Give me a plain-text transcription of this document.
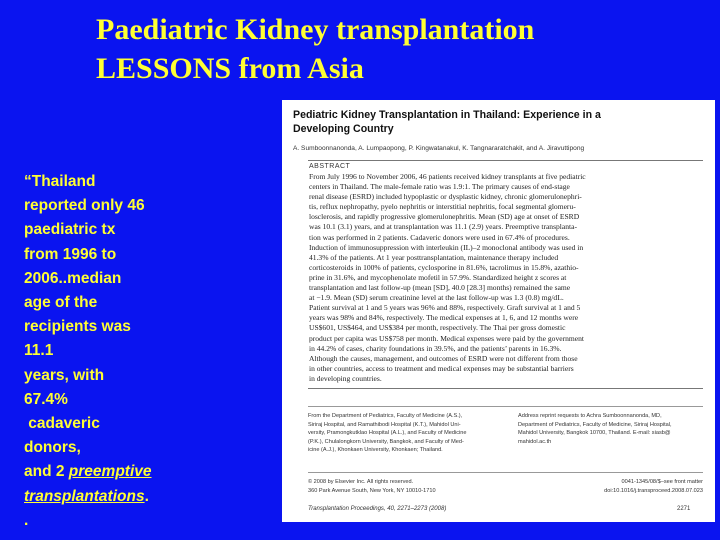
Paediatric Kidney transplantation
LESSONS from Asia
“Thailand
reported only 46
paediatric tx
from 1996 to
2006..median
age of the
recipients was
11.1
years, with
67.4%
cadaveric
donors,
and 2 preemptive
transplantations.
.
Pediatric Kidney Transplantation in Thailand: Experience in a
Developing Country
A. Sumboonnanonda, A. Lumpaopong, P. Kingwatanakul, K. Tangnararatchakit, and A. Jiravuttipong
ABSTRACT
From July 1996 to November 2006, 46 patients received kidney transplants at five pediatric
centers in Thailand. The male-female ratio was 1.9:1. The primary causes of end-stage
renal disease (ESRD) included hypoplastic or dysplastic kidney, chronic glomerulonephri-
tis, reflux nephropathy, pyelo nephritis or interstitial nephritis, focal segmental glomeru-
losclerosis, and rapidly progressive glomerulonephritis. Mean (SD) age at onset of ESRD
was 10.1 (3.1) years, and at transplantation was 11.1 (2.9) years. Preemptive transplanta-
tion was performed in 2 patients. Cadaveric donors were used in 67.4% of procedures.
Induction of immunosuppression with interleukin (IL)–2 monoclonal antibody was used in
41.3% of the patients. At 1 year posttransplantation, maintenance therapy included
corticosteroids in 100% of patients, cyclosporine in 81.6%, tacrolimus in 15.8%, azathio-
prine in 31.6%, and mycophenolate mofetil in 57.9%. Standardized height z scores at
transplantation and last follow-up (mean [SD], 40.0 [28.3] months) remained the same
at −1.9. Mean (SD) serum creatinine level at the last follow-up was 1.3 (0.8) mg/dL.
Patient survival at 1 and 5 years was 96% and 88%, respectively. Graft survival at 1 and 5
years was 98% and 84%, respectively. The medical expenses at 1, 6, and 12 months were
US$601, US$464, and US$384 per month, respectively. The Thai per gross domestic
product per capita was US$758 per month. Medical expenses were paid by the government
in 44.2% of cases, charity foundations in 39.5%, and the patients’ parents in 16.3%.
Although the causes, management, and outcomes of ESRD were not different from those
in other countries, access to treatment and medical expenses may be substantial barriers
in developing countries.
From the Department of Pediatrics, Faculty of Medicine (A.S.),
Siriraj Hospital, and Ramathibodi Hospital (K.T.), Mahidol Uni-
versity, Pramongkutklao Hospital (A.L.), and Faculty of Medicine
(P.K.), Chulalongkorn University, Bangkok, and Faculty of Med-
icine (A.J.), Khonkaen University, Khonkaen; Thailand.
Address reprint requests to Achra Sumboonnanonda, MD,
Department of Pediatrics, Faculty of Medicine, Siriraj Hospital,
Mahidol University, Bangkok 10700, Thailand. E-mail: siasb@
mahidol.ac.th
© 2008 by Elsevier Inc. All rights reserved.
360 Park Avenue South, New York, NY 10010-1710
0041-1345/08/$–see front matter
doi:10.1016/j.transproceed.2008.07.023
Transplantation Proceedings, 40, 2271–2273 (2008)	2271
